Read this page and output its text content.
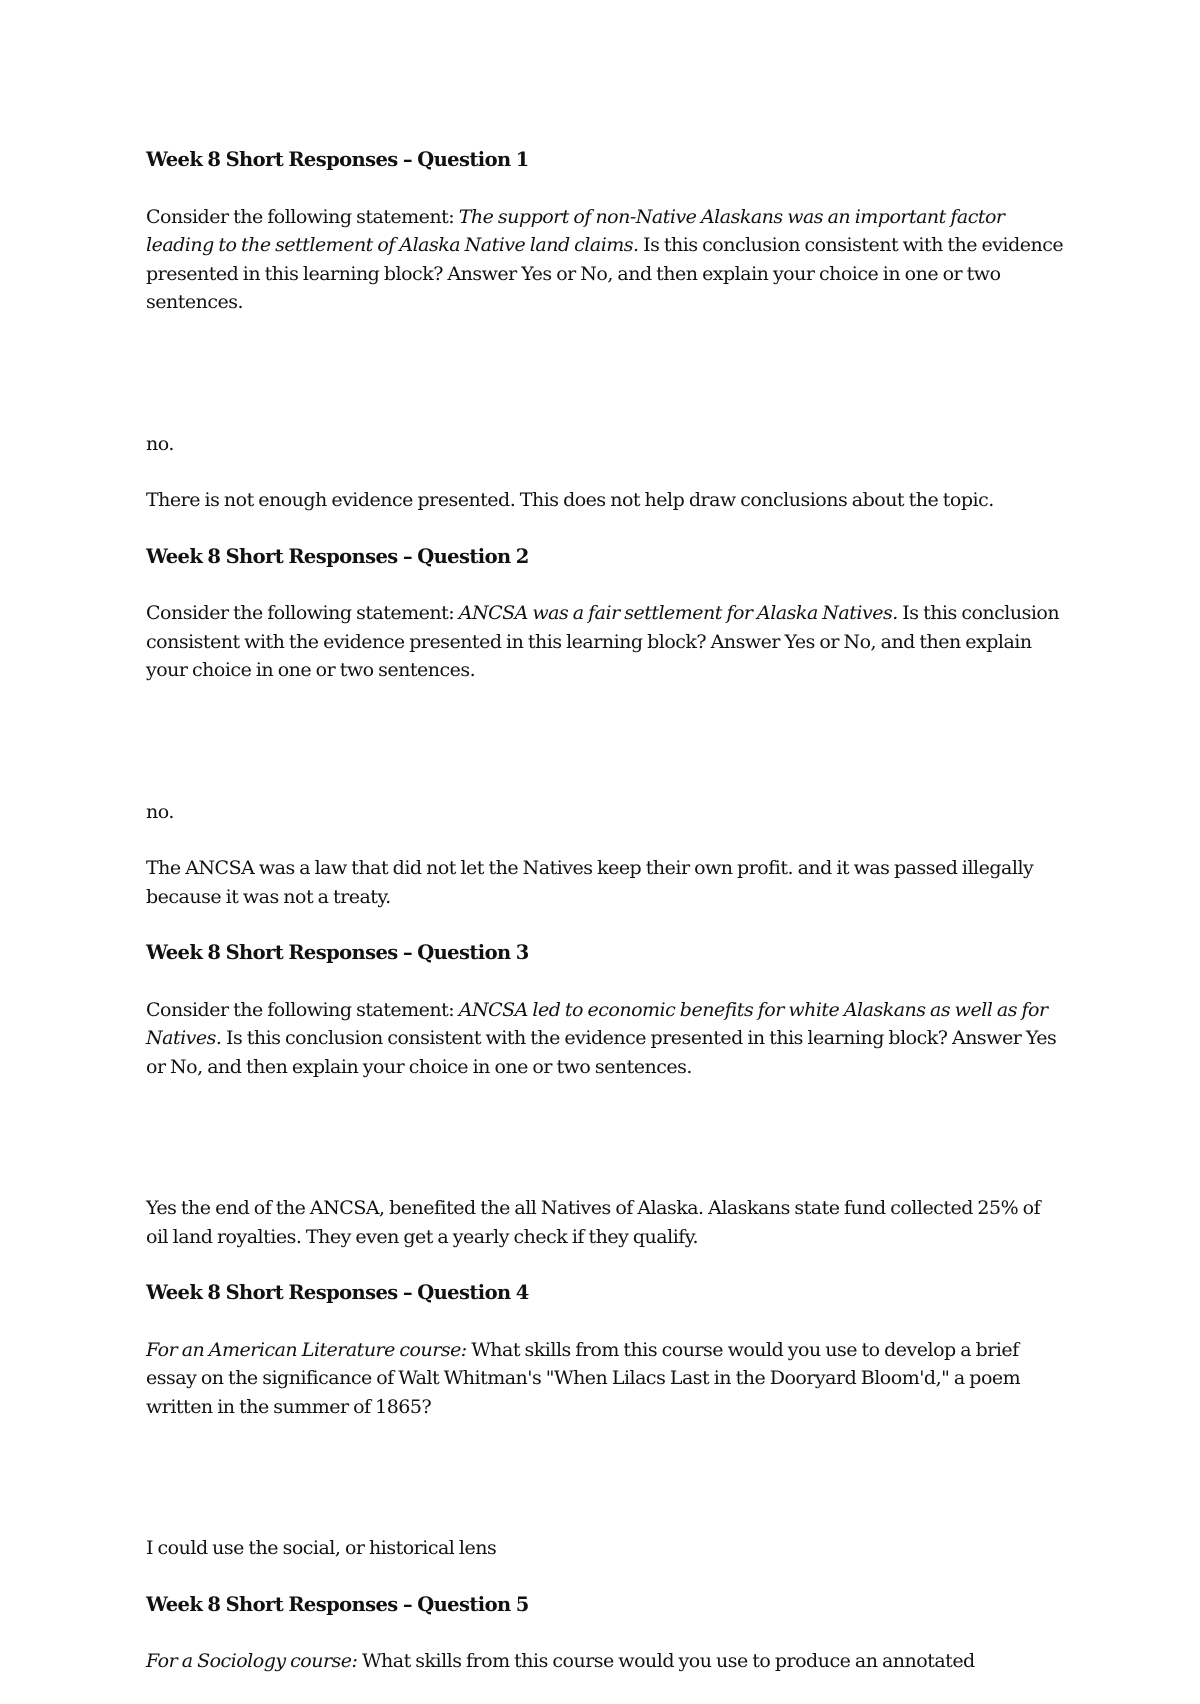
Week 8 Short Responses – Question 1
Consider the following statement: The support of non-Native Alaskans was an important factor leading to the settlement of Alaska Native land claims. Is this conclusion consistent with the evidence presented in this learning block? Answer Yes or No, and then explain your choice in one or two sentences.
no.
There is not enough evidence presented. This does not help draw conclusions about the topic.
Week 8 Short Responses – Question 2
Consider the following statement: ANCSA was a fair settlement for Alaska Natives. Is this conclusion consistent with the evidence presented in this learning block? Answer Yes or No, and then explain your choice in one or two sentences.
no.
The ANCSA was a law that did not let the Natives keep their own profit. and it was passed illegally because it was not a treaty.
Week 8 Short Responses – Question 3
Consider the following statement: ANCSA led to economic benefits for white Alaskans as well as for Natives. Is this conclusion consistent with the evidence presented in this learning block? Answer Yes or No, and then explain your choice in one or two sentences.
Yes the end of the ANCSA, benefited the all Natives of Alaska. Alaskans state fund collected 25% of oil land royalties. They even get a yearly check if they qualify.
Week 8 Short Responses – Question 4
For an American Literature course: What skills from this course would you use to develop a brief essay on the significance of Walt Whitman's "When Lilacs Last in the Dooryard Bloom'd," a poem written in the summer of 1865?
I could use the social, or historical lens
Week 8 Short Responses – Question 5
For a Sociology course: What skills from this course would you use to produce an annotated
